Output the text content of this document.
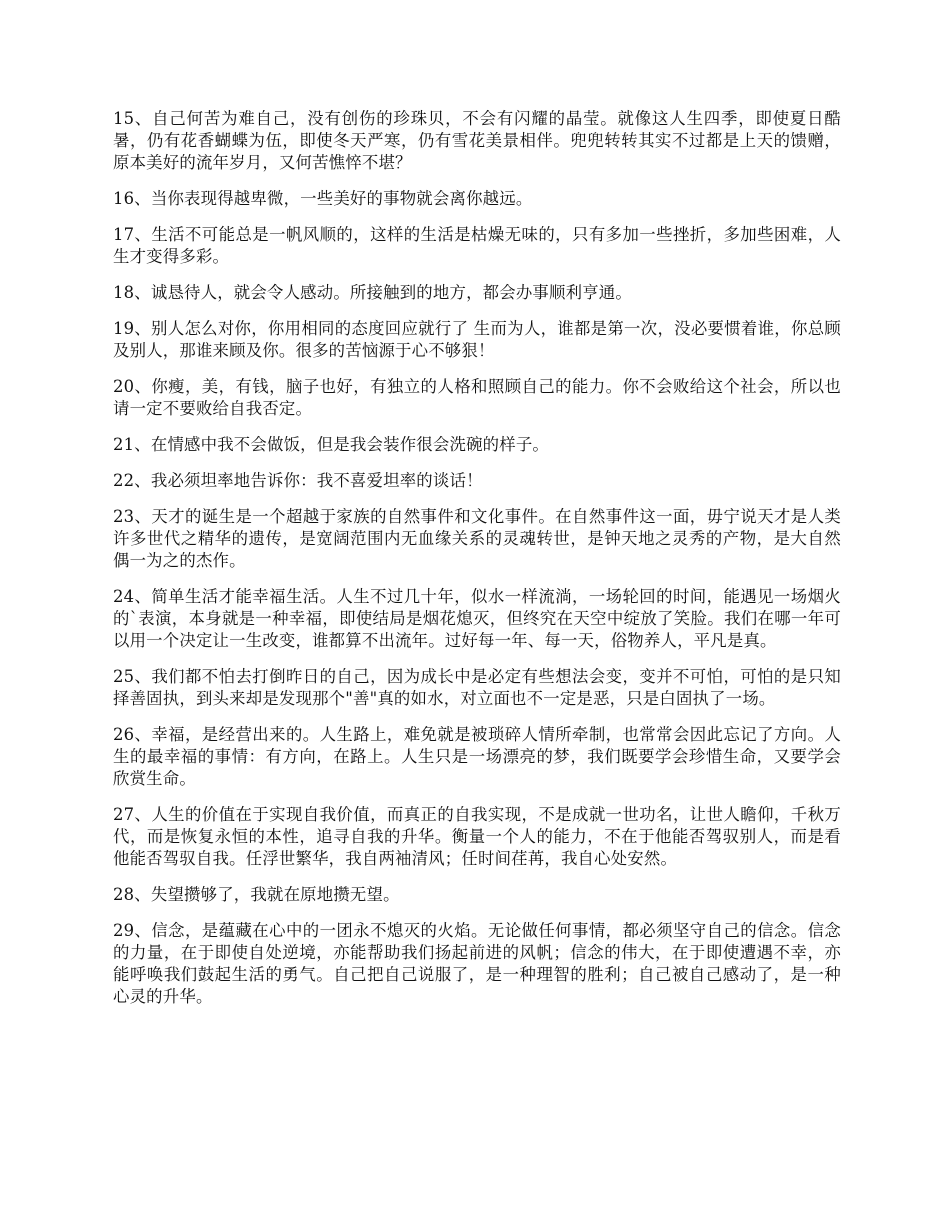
15、自己何苦为难自己，没有创伤的珍珠贝，不会有闪耀的晶莹。就像这人生四季，即使夏日酷暑，仍有花香蝴蝶为伍，即使冬天严寒，仍有雪花美景相伴。兜兜转转其实不过都是上天的馈赠，原本美好的流年岁月，又何苦憔悴不堪？

16、当你表现得越卑微，一些美好的事物就会离你越远。

17、生活不可能总是一帆风顺的，这样的生活是枯燥无味的，只有多加一些挫折，多加些困难，人生才变得多彩。

18、诚恳待人，就会令人感动。所接触到的地方，都会办事顺利亨通。

19、别人怎么对你，你用相同的态度回应就行了 生而为人，谁都是第一次，没必要惯着谁，你总顾及别人，那谁来顾及你。很多的苦恼源于心不够狠！

20、你瘦，美，有钱，脑子也好，有独立的人格和照顾自己的能力。你不会败给这个社会，所以也请一定不要败给自我否定。

21、在情感中我不会做饭，但是我会装作很会洗碗的样子。

22、我必须坦率地告诉你：我不喜爱坦率的谈话！

23、天才的诞生是一个超越于家族的自然事件和文化事件。在自然事件这一面，毋宁说天才是人类许多世代之精华的遗传，是宽阔范围内无血缘关系的灵魂转世，是钟天地之灵秀的产物，是大自然偶一为之的杰作。

24、简单生活才能幸福生活。人生不过几十年，似水一样流淌，一场轮回的时间，能遇见一场烟火的`表演，本身就是一种幸福，即使结局是烟花熄灭，但终究在天空中绽放了笑脸。我们在哪一年可以用一个决定让一生改变，谁都算不出流年。过好每一年、每一天，俗物养人，平凡是真。

25、我们都不怕去打倒昨日的自己，因为成长中是必定有些想法会变，变并不可怕，可怕的是只知择善固执，到头来却是发现那个"善"真的如水，对立面也不一定是恶，只是白固执了一场。

26、幸福，是经营出来的。人生路上，难免就是被琐碎人情所牵制，也常常会因此忘记了方向。人生的最幸福的事情：有方向，在路上。人生只是一场漂亮的梦，我们既要学会珍惜生命，又要学会欣赏生命。

27、人生的价值在于实现自我价值，而真正的自我实现，不是成就一世功名，让世人瞻仰，千秋万代，而是恢复永恒的本性，追寻自我的升华。衡量一个人的能力，不在于他能否驾驭别人，而是看他能否驾驭自我。任浮世繁华，我自两袖清风；任时间荏苒，我自心处安然。

28、失望攒够了，我就在原地攒无望。

29、信念，是蕴藏在心中的一团永不熄灭的火焰。无论做任何事情，都必须坚守自己的信念。信念的力量，在于即使自处逆境，亦能帮助我们扬起前进的风帆；信念的伟大，在于即使遭遇不幸，亦能呼唤我们鼓起生活的勇气。自己把自己说服了，是一种理智的胜利；自己被自己感动了，是一种心灵的升华。
